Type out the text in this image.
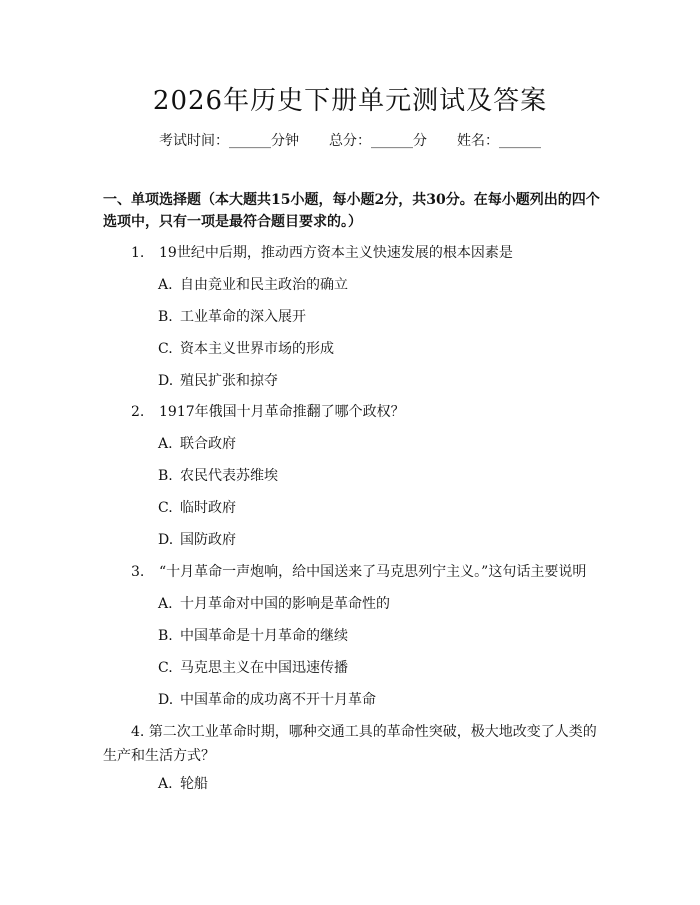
2026年历史下册单元测试及答案
考试时间：______分钟 总分：______分 姓名：______
一、单项选择题（本大题共15小题，每小题2分，共30分。在每小题列出的四个选项中，只有一项是最符合题目要求的。）
1. 19世纪中后期，推动西方资本主义快速发展的根本因素是
A. 自由竞业和民主政治的确立
B. 工业革命的深入展开
C. 资本主义世界市场的形成
D. 殖民扩张和掠夺
2. 1917年俄国十月革命推翻了哪个政权？
A. 联合政府
B. 农民代表苏维埃
C. 临时政府
D. 国防政府
3. “十月革命一声炮响，给中国送来了马克思列宁主义。”这句话主要说明
A. 十月革命对中国的影响是革命性的
B. 中国革命是十月革命的继续
C. 马克思主义在中国迅速传播
D. 中国革命的成功离不开十月革命
4. 第二次工业革命时期，哪种交通工具的革命性突破，极大地改变了人类的生产和生活方式？
A. 轮船
